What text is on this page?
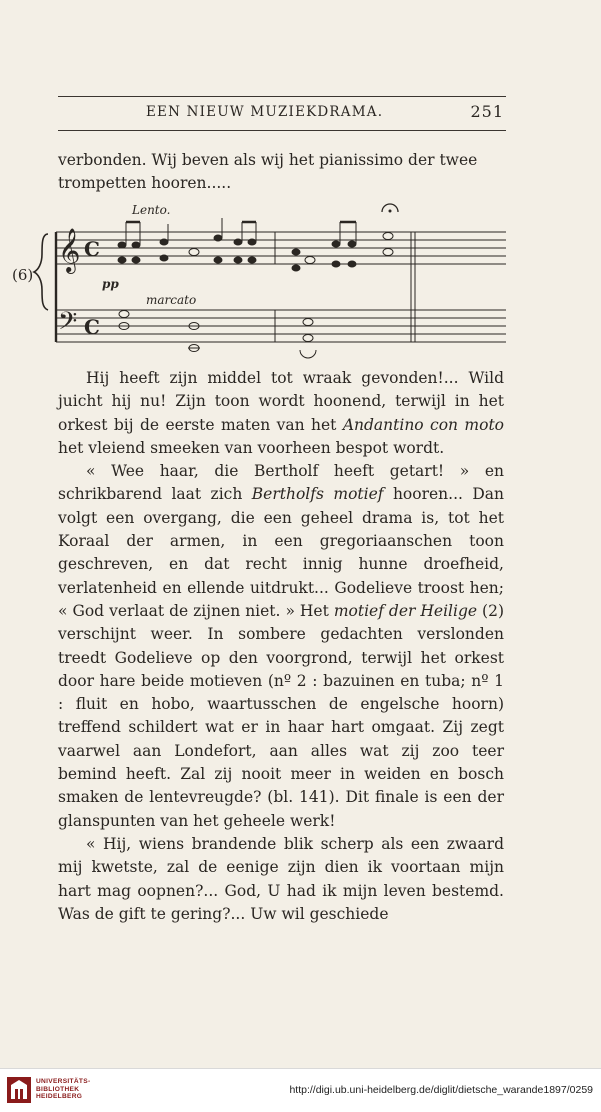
EEN NIEUW MUZIEKDRAMA.	251

verbonden. Wij beven als wij het pianissimo der twee

trompetten hooren.....

(6)
Lento.
𝄞 C
𝄢 C
pp
marcato

Hij heeft zijn middel tot wraak gevonden!... Wild juicht hij nu! Zijn toon wordt hoonend, terwijl in het orkest bij de eerste maten van het Andantino con moto het vleiend smeeken van voorheen bespot wordt.

« Wee haar, die Bertholf heeft getart! » en schrikbarend laat zich Bertholfs motief hooren... Dan volgt een overgang, die een geheel drama is, tot het Koraal der armen, in een gregoriaanschen toon geschreven, en dat recht innig hunne droefheid, verlatenheid en ellende uitdrukt... Godelieve troost hen; « God verlaat de zijnen niet. » Het motief der Heilige (2) verschijnt weer. In sombere gedachten verslonden treedt Godelieve op den voorgrond, terwijl het orkest door hare beide motieven (nº 2 : bazuinen en tuba; nº 1 : fluit en hobo, waartusschen de engelsche hoorn) treffend schildert wat er in haar hart omgaat. Zij zegt vaarwel aan Londefort, aan alles wat zij zoo teer bemind heeft. Zal zij nooit meer in weiden en bosch smaken de lentevreugde? (bl. 141). Dit finale is een der glanspunten van het geheele werk!

« Hij, wiens brandende blik scherp als een zwaard mij kwetste, zal de eenige zijn dien ik voortaan mijn hart mag oopnen?... God, U had ik mijn leven bestemd. Was de gift te gering?... Uw wil geschiede

UNIVERSITÄTS-
BIBLIOTHEK
HEIDELBERG
http://digi.ub.uni-heidelberg.de/diglit/dietsche_warande1897/0259
